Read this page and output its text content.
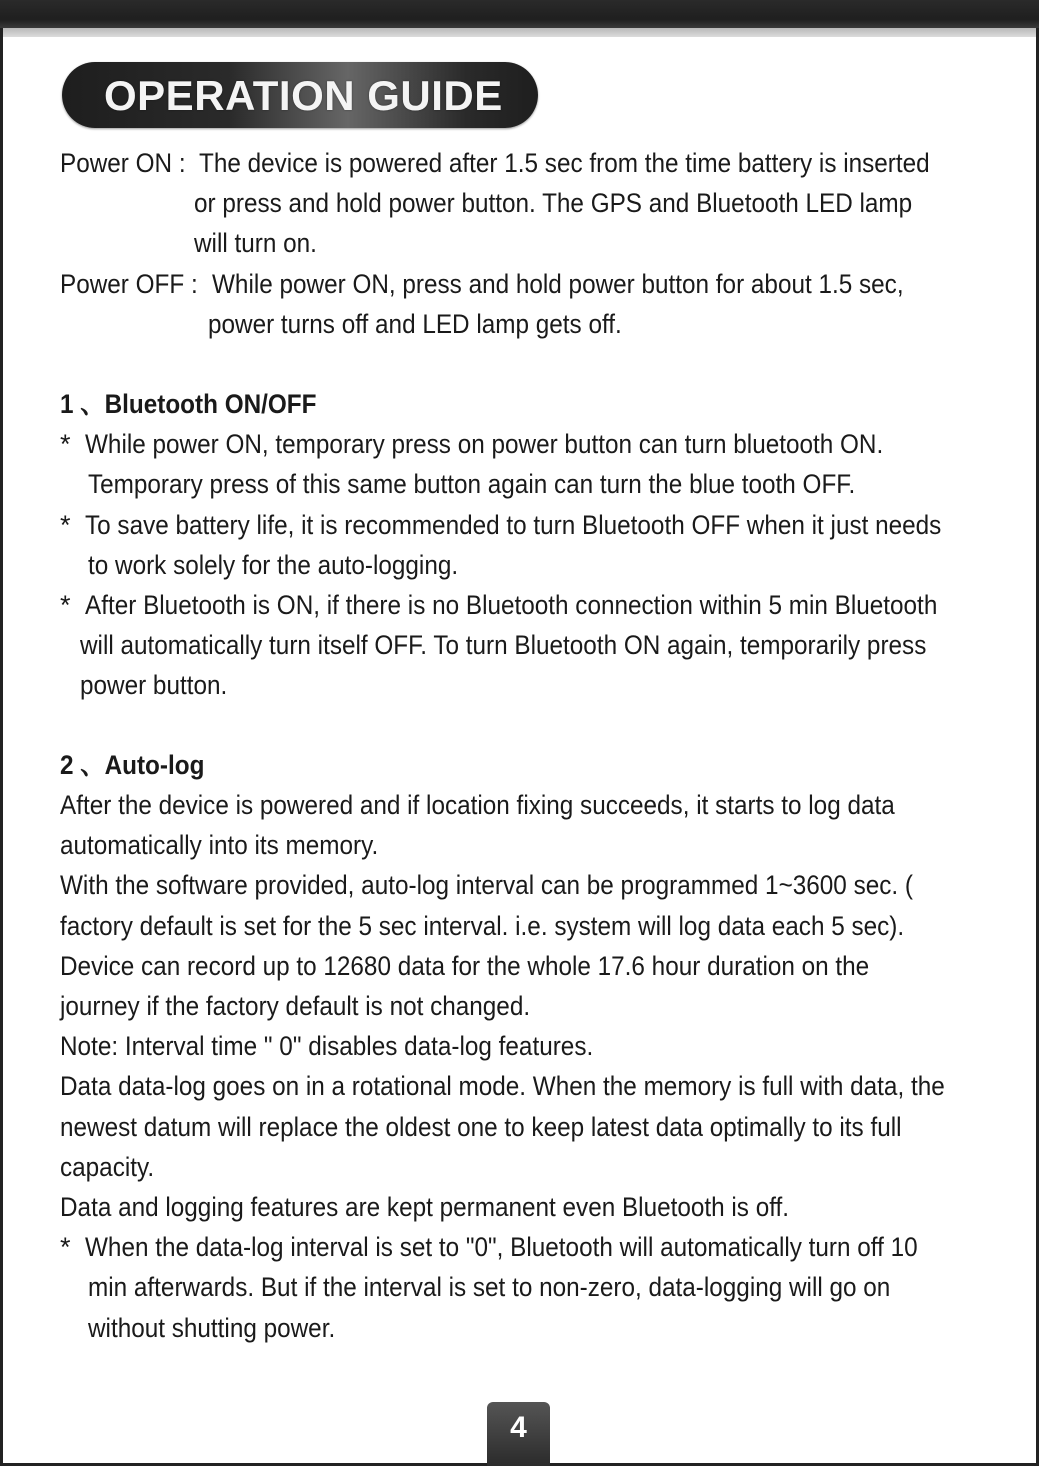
OPERATION GUIDE
Power ON : The device is powered after 1.5 sec from the time battery is inserted
or press and hold power button. The GPS and Bluetooth LED lamp
will turn on.
Power OFF : While power ON, press and hold power button for about 1.5 sec,
power turns off and LED lamp gets off.
1 、Bluetooth ON/OFF
* While power ON, temporary press on power button can turn bluetooth ON.
Temporary press of this same button again can turn the blue tooth OFF.
* To save battery life, it is recommended to turn Bluetooth OFF when it just needs
to work solely for the auto-logging.
* After Bluetooth is ON, if there is no Bluetooth connection within 5 min Bluetooth
will automatically turn itself OFF. To turn Bluetooth ON again, temporarily press
power button.
2 、Auto-log
After the device is powered and if location fixing succeeds, it starts to log data
automatically into its memory.
With the software provided, auto-log interval can be programmed 1~3600 sec. (
factory default is set for the 5 sec interval. i.e. system will log data each 5 sec).
Device can record up to 12680 data for the whole 17.6 hour duration on the
journey if the factory default is not changed.
Note: Interval time " 0" disables data-log features.
Data data-log goes on in a rotational mode. When the memory is full with data, the
newest datum will replace the oldest one to keep latest data optimally to its full
capacity.
Data and logging features are kept permanent even Bluetooth is off.
* When the data-log interval is set to "0", Bluetooth will automatically turn off 10
min afterwards. But if the interval is set to non-zero, data-logging will go on
without shutting power.
4
